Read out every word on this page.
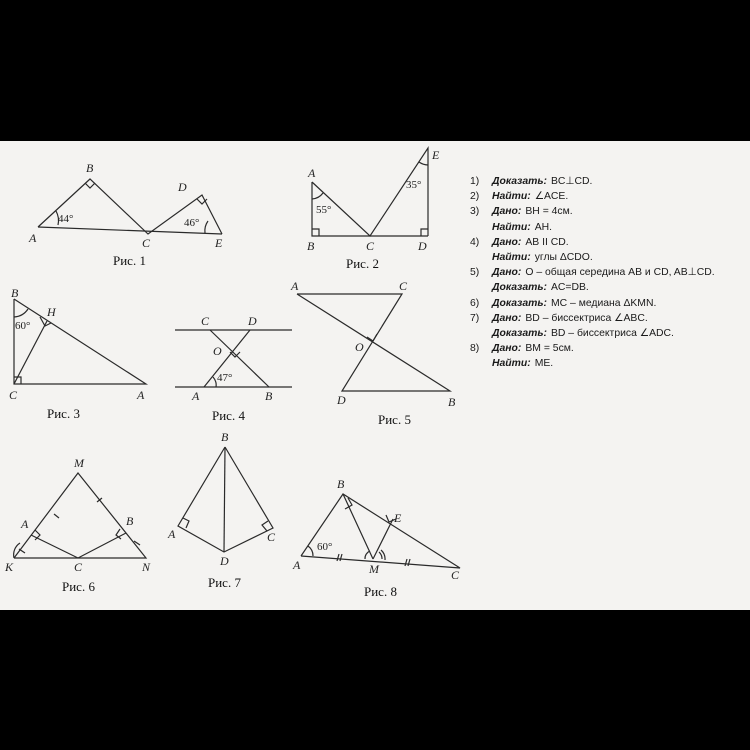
A
B
C
D
E
44°	46°
Рис. 1
A
B	C	D
E
55°
35°
Рис. 2
B
H
C	A
60°
Рис. 3
C	D
O
A	B
47°
Рис. 4
A	C
O
D	B
Рис. 5
M
A	B
K	C	N
Рис. 6
B
A	C
D
Рис. 7
B
E
A	M	C
60°
Рис. 8
1)	Доказать: BC⊥CD.
2)	Найти: ∠ACE.
3)	Дано: BH = 4см.
Найти: AH.
4)	Дано: AB II CD.
Найти: углы ΔCDO.
5)	Дано: O – общая середина AB и CD, AB⊥CD.
Доказать: AC=DB.
6)	Доказать: MC – медиана ΔKMN.
7)	Дано: BD – биссектриса ∠ABC.
Доказать: BD – биссектриса ∠ADC.
8)	Дано: BM = 5см.
Найти: ME.
